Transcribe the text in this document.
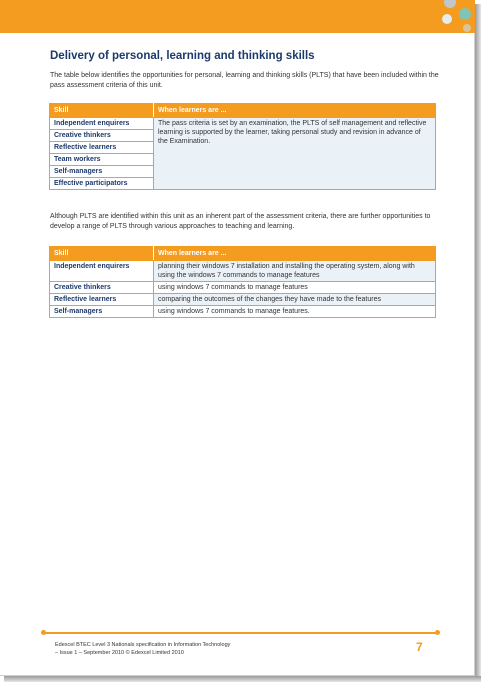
Delivery of personal, learning and thinking skills

The table below identifies the opportunities for personal, learning and thinking skills (PLTS) that have been included within the pass assessment criteria of this unit.

Skill	When learners are ...
Independent enquirers	The pass criteria is set by an examination, the PLTS of self management and reflective learning is supported by the learner, taking personal study and revision in advance of the Examination.
Creative thinkers	
Reflective learners	
Team workers	
Self-managers	
Effective participators	

Although PLTS are identified within this unit as an inherent part of the assessment criteria, there are further opportunities to develop a range of PLTS through various approaches to teaching and learning.

Skill	When learners are ...
Independent enquirers	planning their windows 7 installation and installing the operating system, along with using the windows 7 commands to manage features
Creative thinkers	using windows 7 commands to manage features
Reflective learners	comparing the outcomes of the changes they have made to the features
Self-managers	using windows 7 commands to manage features.
Edexcel BTEC Level 3 Nationals specification in Information Technology
– Issue 1 – September 2010 © Edexcel Limited 2010	7
